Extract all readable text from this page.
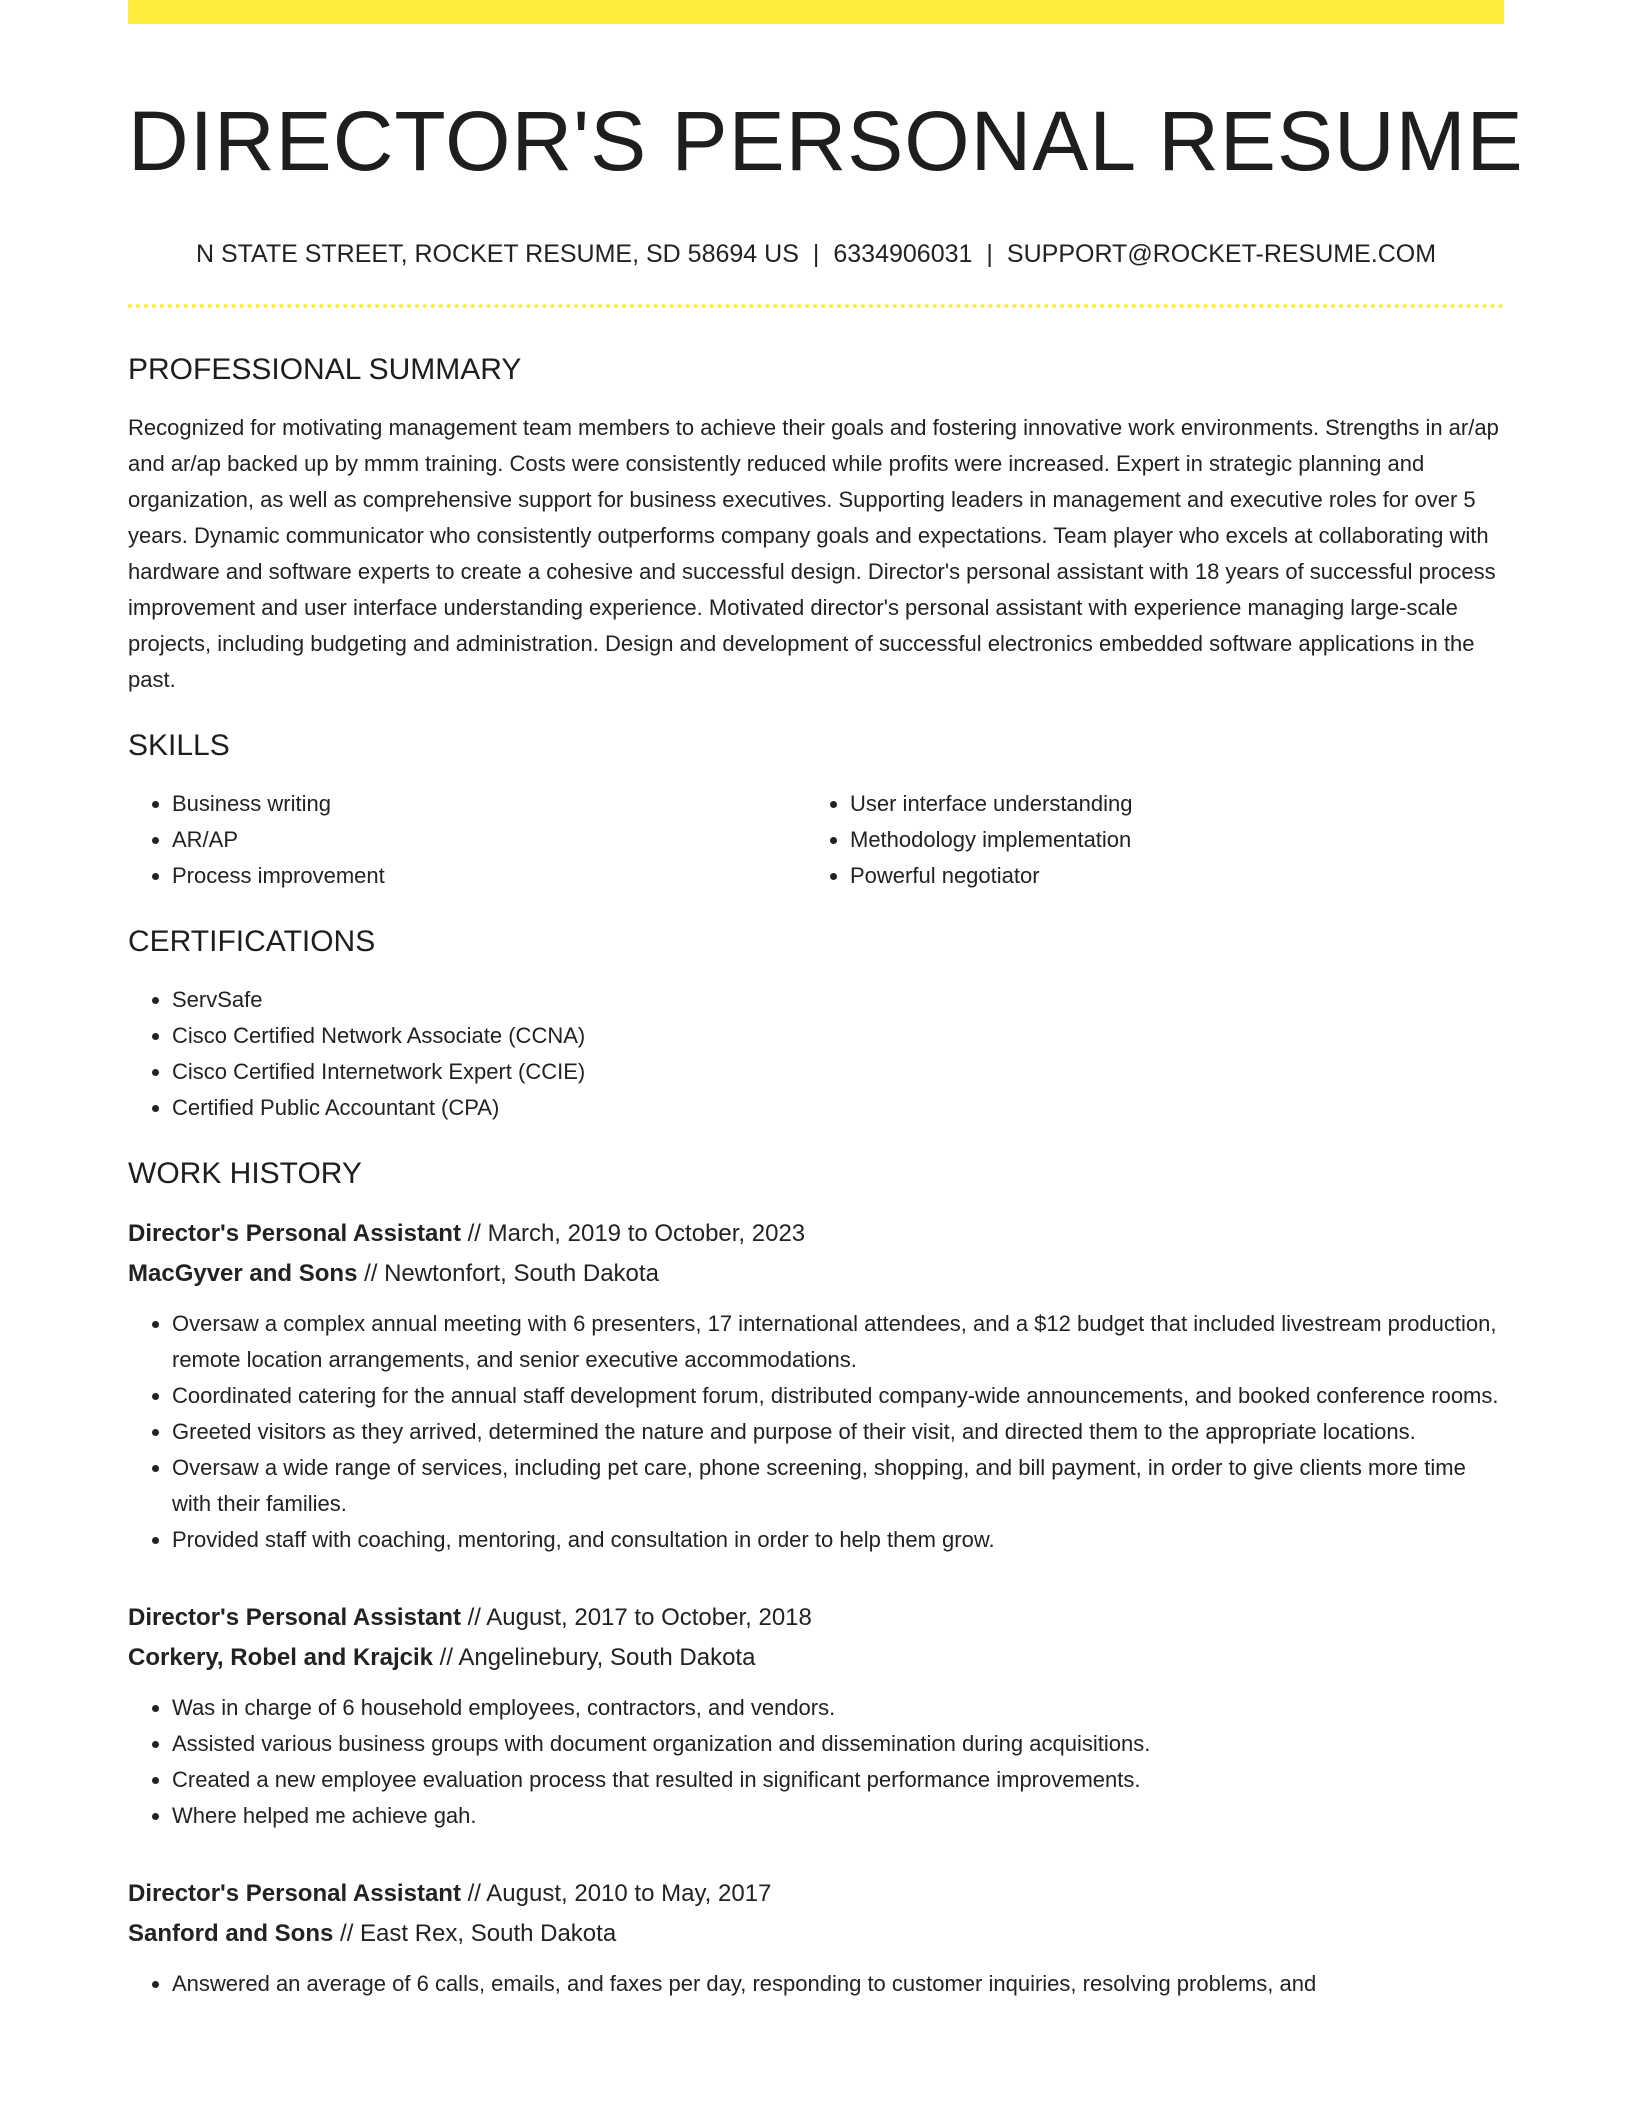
DIRECTOR'S PERSONAL RESUME
N STATE STREET, ROCKET RESUME, SD 58694 US | 6334906031 | SUPPORT@ROCKET-RESUME.COM
PROFESSIONAL SUMMARY

Recognized for motivating management team members to achieve their goals and fostering innovative work environments. Strengths in ar/ap and ar/ap backed up by mmm training. Costs were consistently reduced while profits were increased. Expert in strategic planning and organization, as well as comprehensive support for business executives. Supporting leaders in management and executive roles for over 5 years. Dynamic communicator who consistently outperforms company goals and expectations. Team player who excels at collaborating with hardware and software experts to create a cohesive and successful design. Director's personal assistant with 18 years of successful process improvement and user interface understanding experience. Motivated director's personal assistant with experience managing large-scale projects, including budgeting and administration. Design and development of successful electronics embedded software applications in the past.

SKILLS
• Business writing
• AR/AP
• Process improvement
• User interface understanding
• Methodology implementation
• Powerful negotiator
CERTIFICATIONS
• ServSafe
• Cisco Certified Network Associate (CCNA)
• Cisco Certified Internetwork Expert (CCIE)
• Certified Public Accountant (CPA)
WORK HISTORY
Director's Personal Assistant // March, 2019 to October, 2023
MacGyver and Sons // Newtonfort, South Dakota
• Oversaw a complex annual meeting with 6 presenters, 17 international attendees, and a $12 budget that included livestream production, remote location arrangements, and senior executive accommodations.
• Coordinated catering for the annual staff development forum, distributed company-wide announcements, and booked conference rooms.
• Greeted visitors as they arrived, determined the nature and purpose of their visit, and directed them to the appropriate locations.
• Oversaw a wide range of services, including pet care, phone screening, shopping, and bill payment, in order to give clients more time with their families.
• Provided staff with coaching, mentoring, and consultation in order to help them grow.
Director's Personal Assistant // August, 2017 to October, 2018
Corkery, Robel and Krajcik // Angelinebury, South Dakota
• Was in charge of 6 household employees, contractors, and vendors.
• Assisted various business groups with document organization and dissemination during acquisitions.
• Created a new employee evaluation process that resulted in significant performance improvements.
• Where helped me achieve gah.
Director's Personal Assistant // August, 2010 to May, 2017
Sanford and Sons // East Rex, South Dakota
• Answered an average of 6 calls, emails, and faxes per day, responding to customer inquiries, resolving problems, and
